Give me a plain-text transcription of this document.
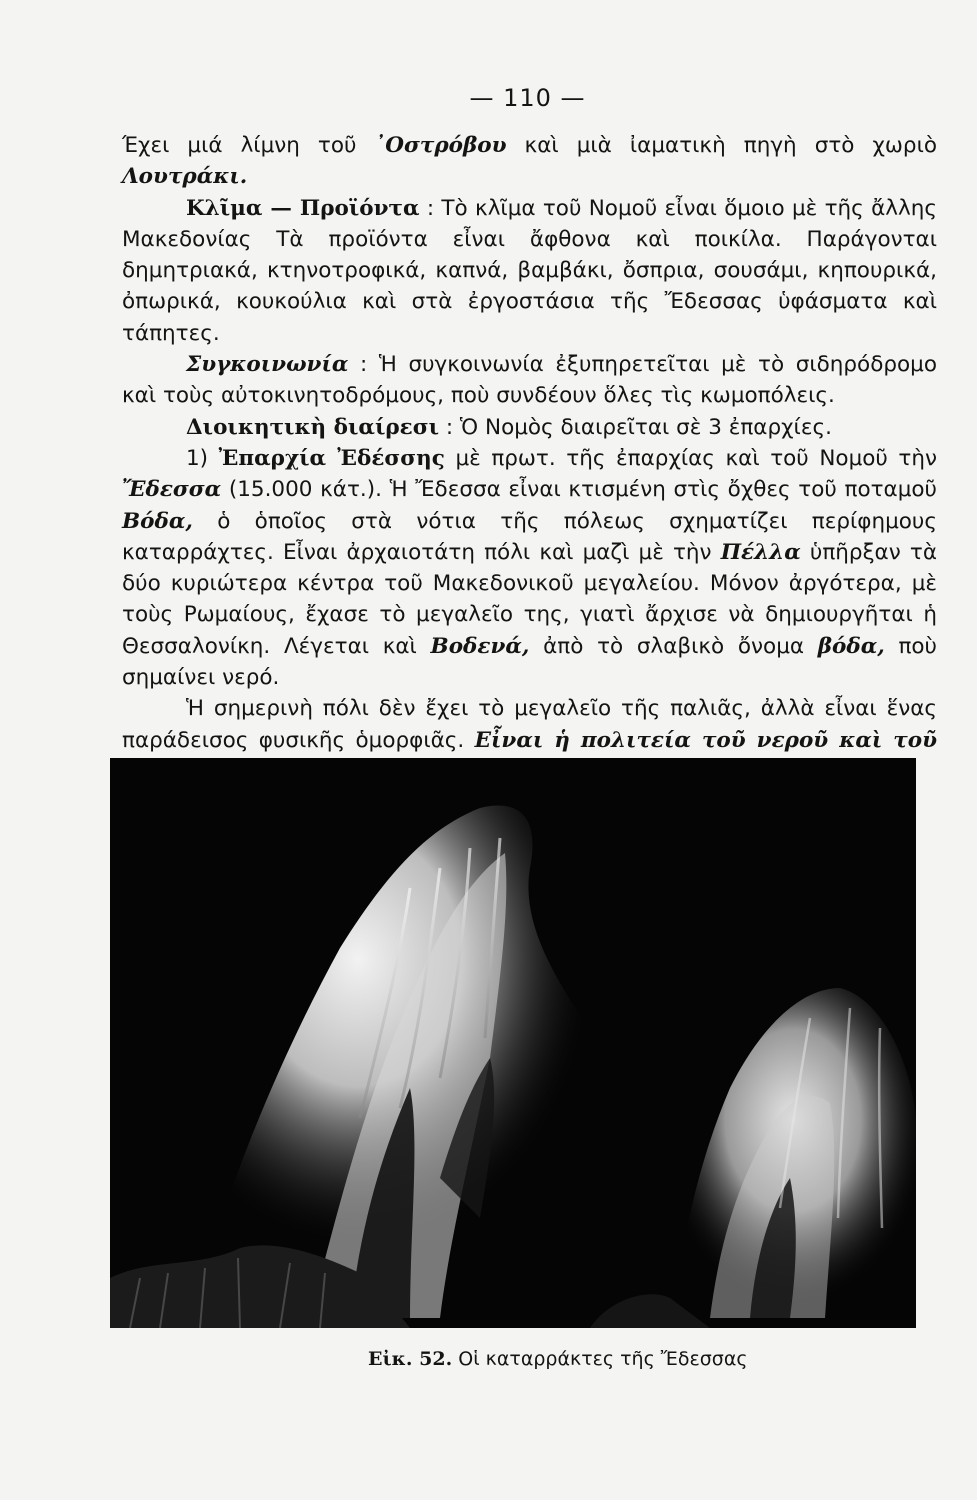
— 110 —

Έχει μιά λίμνη τοῦ ᾿Οστρόβου καὶ μιὰ ἰαματικὴ πηγὴ στὸ χωριὸ Λουτράκι.

Κλῖμα — Προϊόντα : Τὸ κλῖμα τοῦ Νομοῦ εἶναι ὅμοιο μὲ τῆς ἄλλης Μακεδονίας Τὰ προϊόντα εἶναι ἄφθονα καὶ ποικίλα. Παράγονται δημητριακά, κτηνοτροφικά, καπνά, βαμβάκι, ὄσπρια, σουσάμι, κηπουρικά, ὀπωρικά, κουκούλια καὶ στὰ ἐργοστάσια τῆς Ἔδεσσας ὑφάσματα καὶ τάπητες.

Συγκοινωνία : Ἡ συγκοινωνία ἐξυπηρετεῖται μὲ τὸ σιδηρόδρομο καὶ τοὺς αὐτοκινητοδρόμους, ποὺ συνδέουν ὅλες τὶς κωμοπόλεις.

Διοικητικὴ διαίρεσι : Ὁ Νομὸς διαιρεῖται σὲ 3 ἐπαρχίες.

1) Ἐπαρχία Ἐδέσσης μὲ πρωτ. τῆς ἐπαρχίας καὶ τοῦ Νομοῦ τὴν Ἔδεσσα (15.000 κάτ.). Ἡ Ἔδεσσα εἶναι κτισμένη στὶς ὄχθες τοῦ ποταμοῦ Βόδα, ὁ ὁποῖος στὰ νότια τῆς πόλεως σχηματίζει περίφημους καταρράχτες. Εἶναι ἀρχαιοτάτη πόλι καὶ μαζὶ μὲ τὴν Πέλλα ὑπῆρξαν τὰ δύο κυριώτερα κέντρα τοῦ Μακεδονικοῦ μεγαλείου. Μόνον ἀργότερα, μὲ τοὺς Ρωμαίους, ἔχασε τὸ μεγαλεῖο της, γιατὶ ἄρχισε νὰ δημιουργῆται ἡ Θεσσαλονίκη. Λέγεται καὶ Βοδενά, ἀπὸ τὸ σλαβικὸ ὄνομα βόδα, ποὺ σημαίνει νερό.

Ἡ σημερινὴ πόλι δὲν ἔχει τὸ μεγαλεῖο τῆς παλιᾶς, ἀλλὰ εἶναι ἕνας παράδεισος φυσικῆς ὁμορφιᾶς. Εἶναι ἡ πολιτεία τοῦ νεροῦ καὶ τοῦ

Εἰκ. 52. Οἱ καταρράκτες τῆς Ἔδεσσας
